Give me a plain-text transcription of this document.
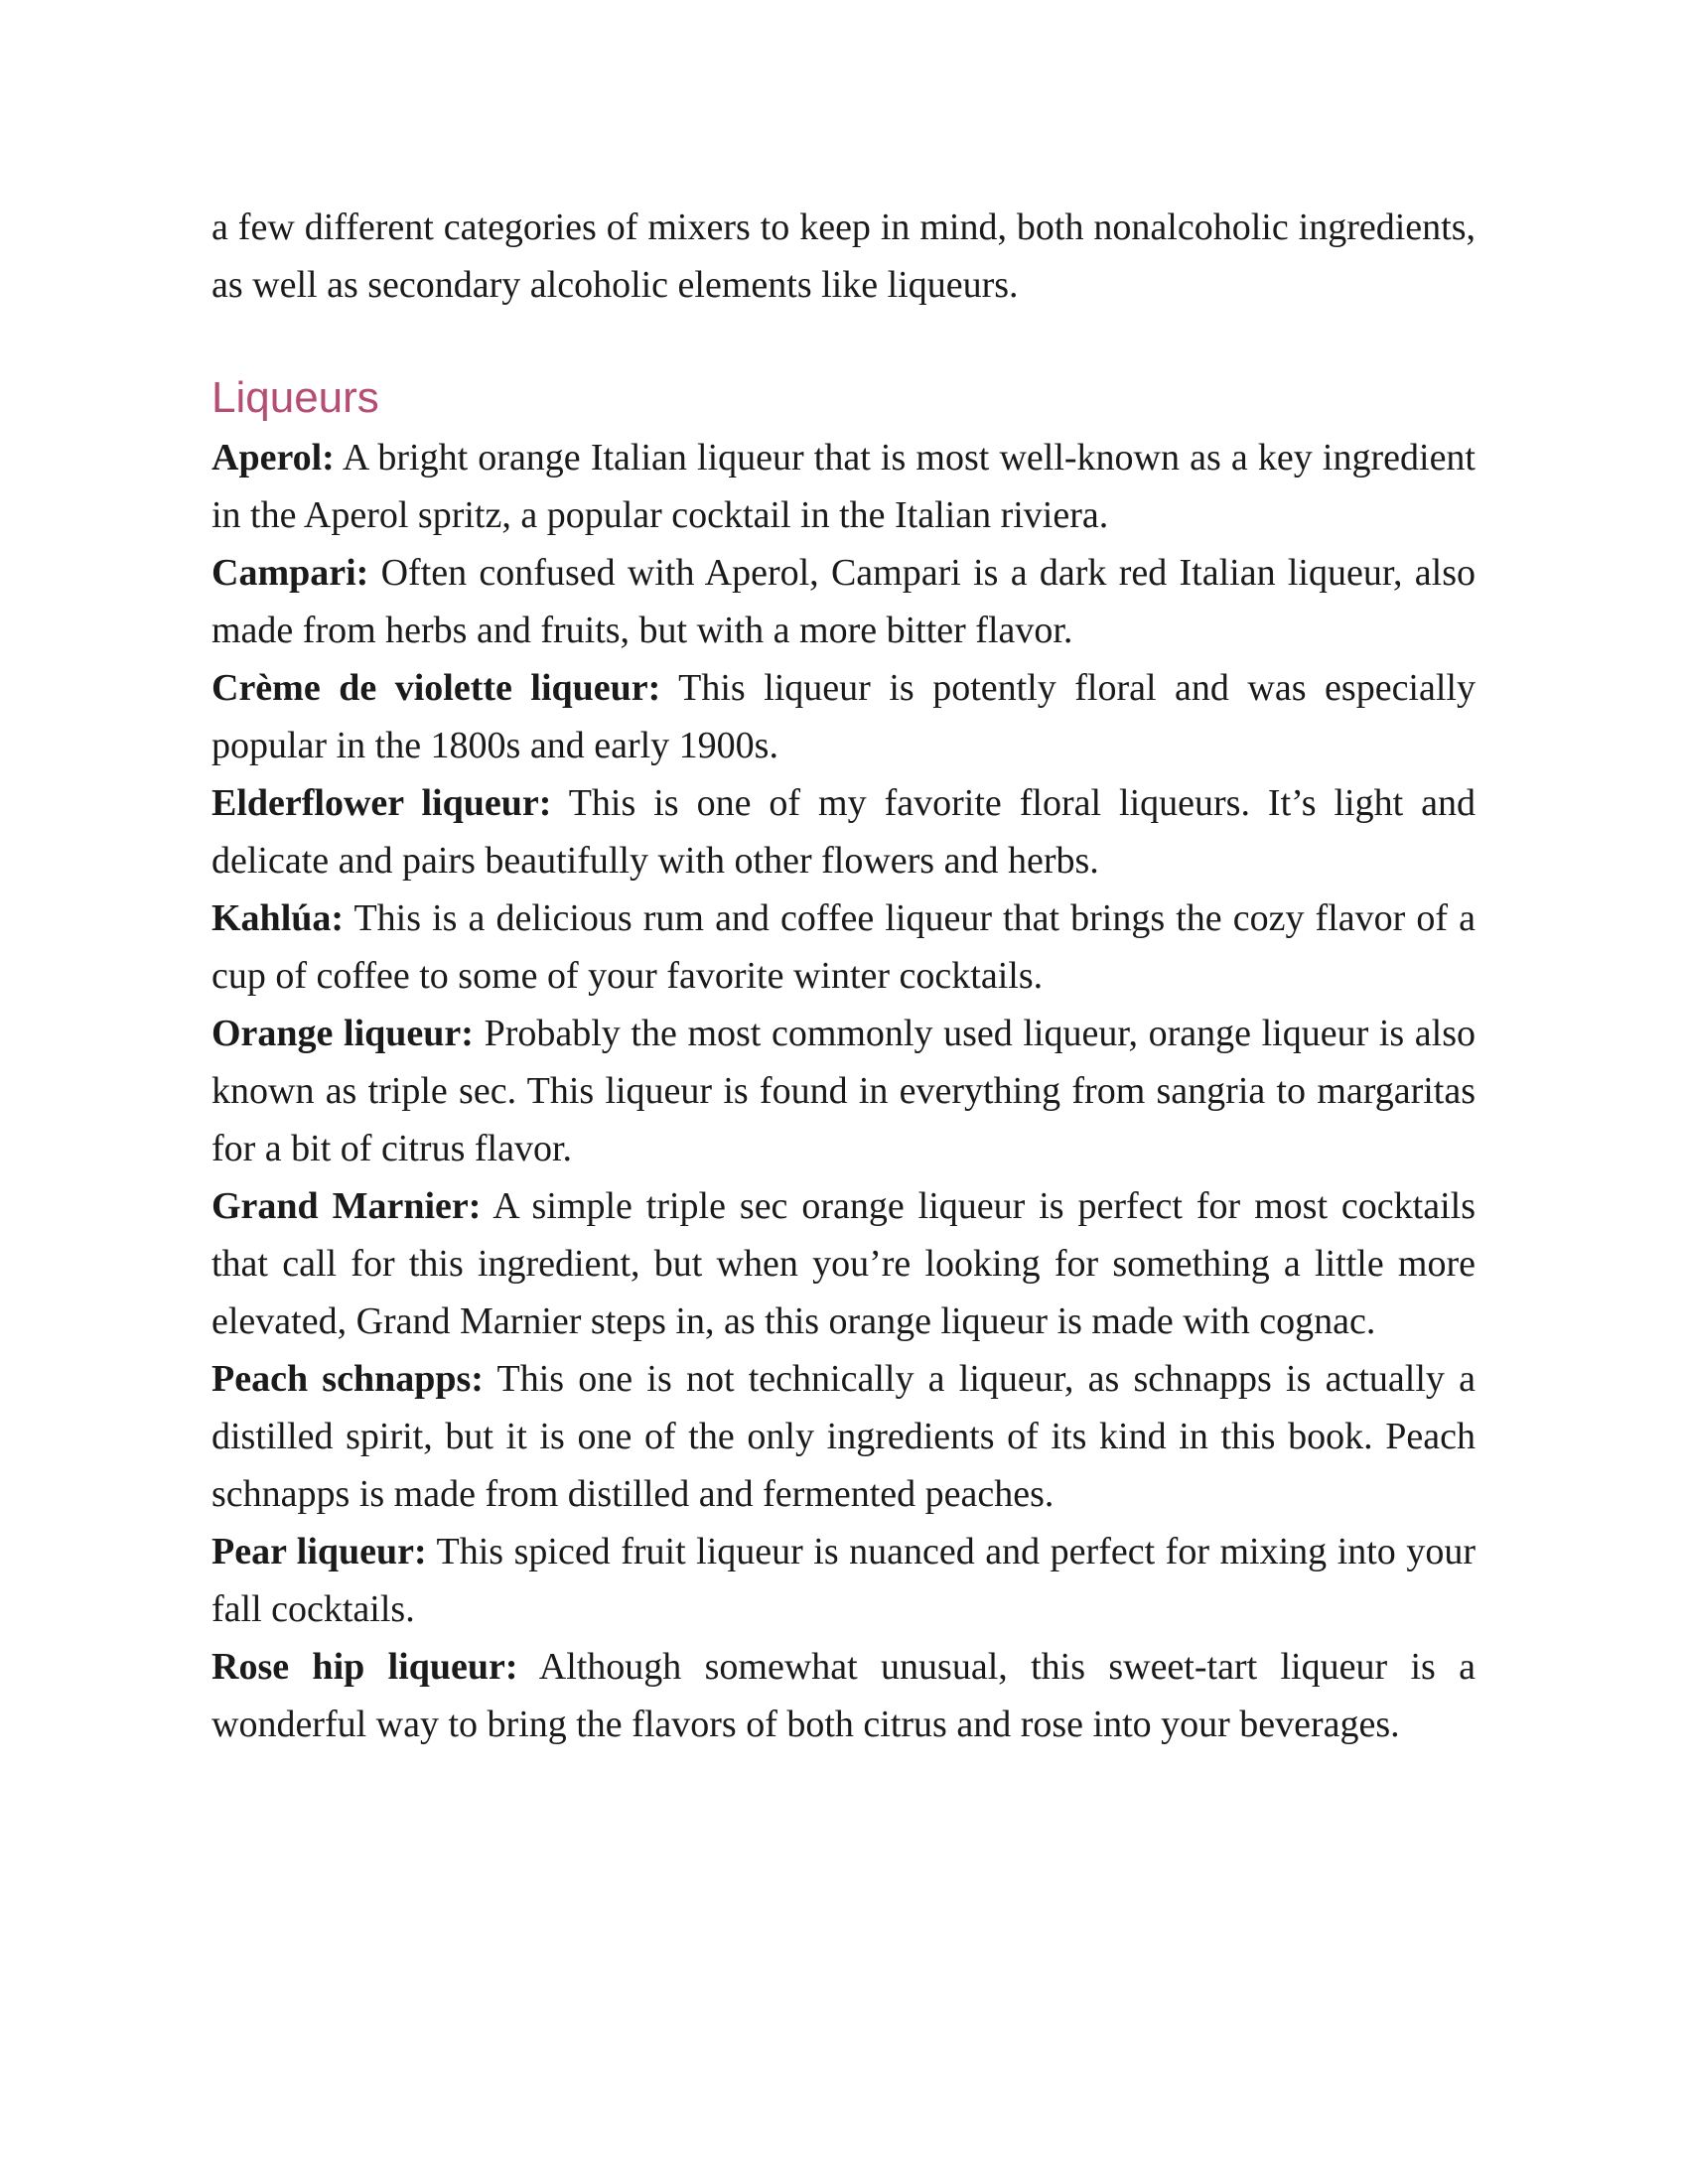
a few different categories of mixers to keep in mind, both nonalcoholic ingredients, as well as secondary alcoholic elements like liqueurs.

Liqueurs

Aperol: A bright orange Italian liqueur that is most well-known as a key ingredient in the Aperol spritz, a popular cocktail in the Italian riviera.

Campari: Often confused with Aperol, Campari is a dark red Italian liqueur, also made from herbs and fruits, but with a more bitter flavor.

Crème de violette liqueur: This liqueur is potently floral and was especially popular in the 1800s and early 1900s.

Elderflower liqueur: This is one of my favorite floral liqueurs. It’s light and delicate and pairs beautifully with other flowers and herbs.

Kahlúa: This is a delicious rum and coffee liqueur that brings the cozy flavor of a cup of coffee to some of your favorite winter cocktails.

Orange liqueur: Probably the most commonly used liqueur, orange liqueur is also known as triple sec. This liqueur is found in everything from sangria to margaritas for a bit of citrus flavor.

Grand Marnier: A simple triple sec orange liqueur is perfect for most cocktails that call for this ingredient, but when you’re looking for something a little more elevated, Grand Marnier steps in, as this orange liqueur is made with cognac.

Peach schnapps: This one is not technically a liqueur, as schnapps is actually a distilled spirit, but it is one of the only ingredients of its kind in this book. Peach schnapps is made from distilled and fermented peaches.

Pear liqueur: This spiced fruit liqueur is nuanced and perfect for mixing into your fall cocktails.

Rose hip liqueur: Although somewhat unusual, this sweet-tart liqueur is a wonderful way to bring the flavors of both citrus and rose into your beverages.
